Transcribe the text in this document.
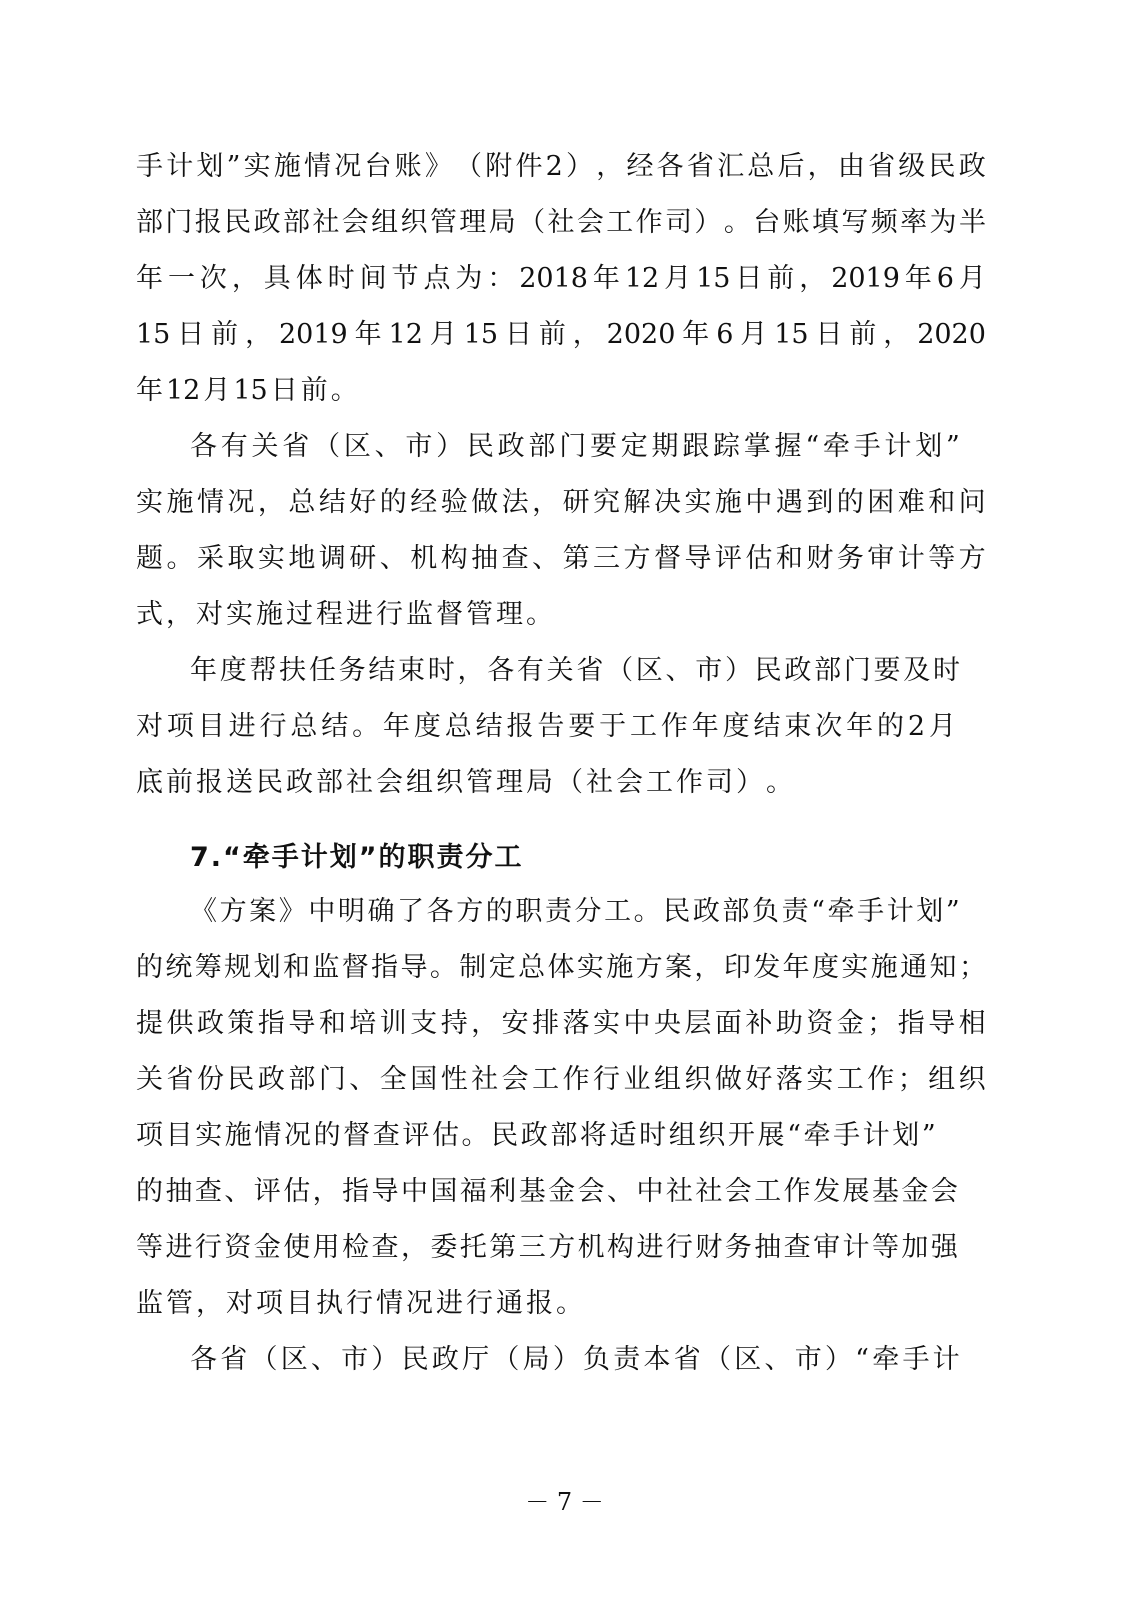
手 计 划 ” 实 施 情 况 台 账 》 （ 附 件 2 ） ， 经 各 省 汇 总 后 ， 由 省 级 民 政
部 门 报 民 政 部 社 会 组 织 管 理 局 （ 社 会 工 作 司 ） 。 台 账 填 写 频 率 为 半
年 一 次 ， 具 体 时 间 节 点 为 ： 2018 年 12 月 15 日 前 ， 2019 年 6 月
15 日 前 ， 2019 年 12 月 15 日 前 ， 2020 年 6 月 15 日 前 ， 2020
年 12 月 15 日 前 。
各 有 关 省 （ 区 、 市 ） 民 政 部 门 要 定 期 跟 踪 掌 握 “ 牵 手 计 划 ”
实 施 情 况 ， 总 结 好 的 经 验 做 法 ， 研 究 解 决 实 施 中 遇 到 的 困 难 和 问
题 。 采 取 实 地 调 研 、 机 构 抽 查 、 第 三 方 督 导 评 估 和 财 务 审 计 等 方
式 ， 对 实 施 过 程 进 行 监 督 管 理 。
年 度 帮 扶 任 务 结 束 时 ， 各 有 关 省 （ 区 、 市 ） 民 政 部 门 要 及 时
对 项 目 进 行 总 结 。 年 度 总 结 报 告 要 于 工 作 年 度 结 束 次 年 的 2 月
底 前 报 送 民 政 部 社 会 组 织 管 理 局 （ 社 会 工 作 司 ） 。
7.“牵手计划”的职责分工
《 方 案 》 中 明 确 了 各 方 的 职 责 分 工 。 民 政 部 负 责 “ 牵 手 计 划 ”
的 统 筹 规 划 和 监 督 指 导 。 制 定 总 体 实 施 方 案 ， 印 发 年 度 实 施 通 知 ；
提 供 政 策 指 导 和 培 训 支 持 ， 安 排 落 实 中 央 层 面 补 助 资 金 ； 指 导 相
关 省 份 民 政 部 门 、 全 国 性 社 会 工 作 行 业 组 织 做 好 落 实 工 作 ； 组 织
项 目 实 施 情 况 的 督 查 评 估 。 民 政 部 将 适 时 组 织 开 展 “ 牵 手 计 划 ”
的 抽 查 、 评 估 ， 指 导 中 国 福 利 基 金 会 、 中 社 社 会 工 作 发 展 基 金 会
等 进 行 资 金 使 用 检 查 ， 委 托 第 三 方 机 构 进 行 财 务 抽 查 审 计 等 加 强
监 管 ， 对 项 目 执 行 情 况 进 行 通 报 。
各 省 （ 区 、 市 ） 民 政 厅 （ 局 ） 负 责 本 省 （ 区 、 市 ） “ 牵 手 计
－ 7 －
